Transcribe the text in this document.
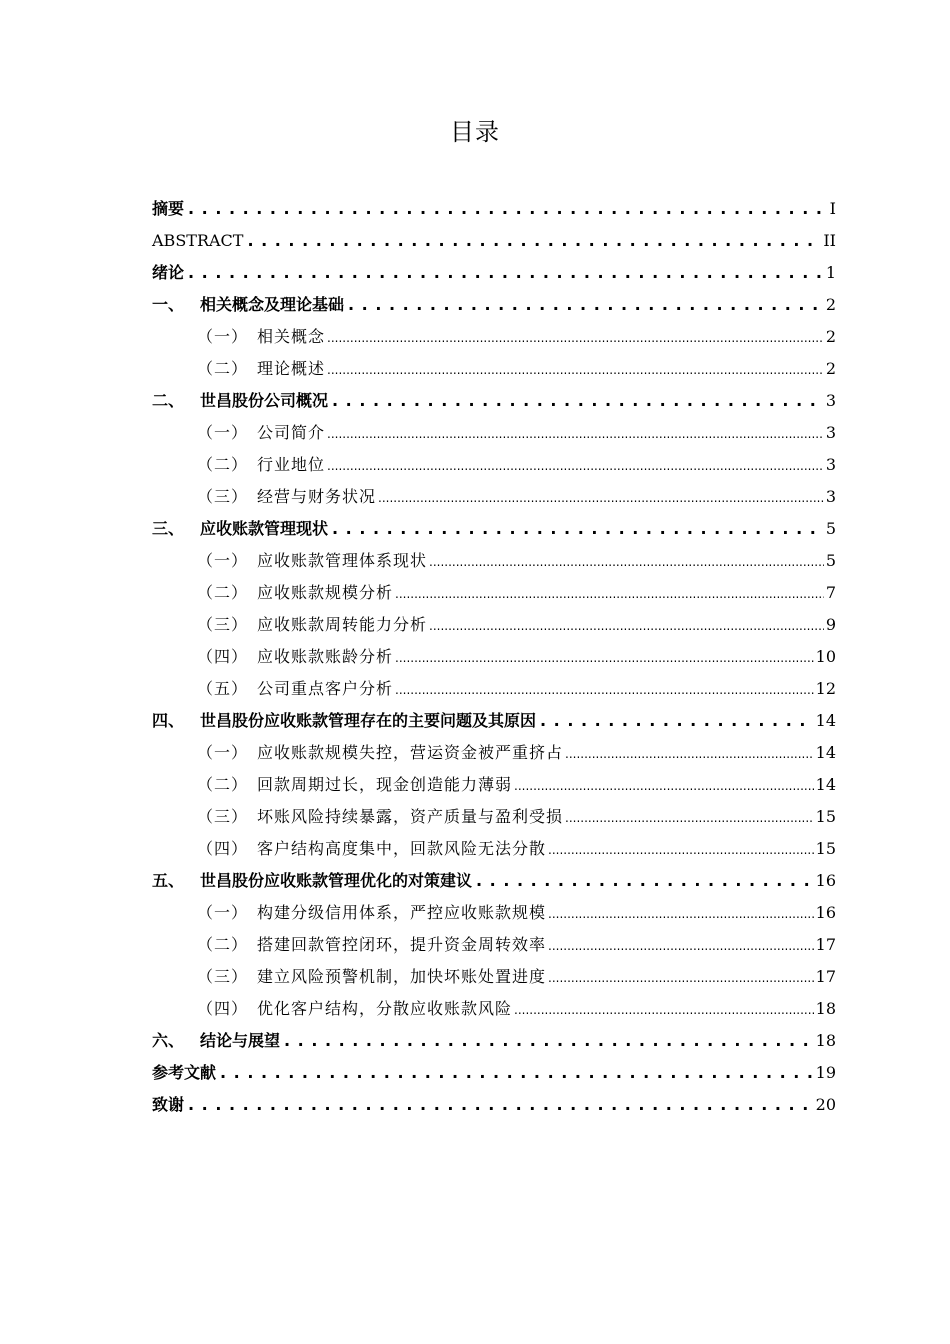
目录
摘要 . . .	I
ABSTRACT . . .	II
绪论 . . .	1
一、 相关概念及理论基础 . . .	2
（一） 相关概念 .....	2
（二） 理论概述 .....	2
二、 世昌股份公司概况 . . .	3
（一） 公司简介 .....	3
（二） 行业地位 .....	3
（三） 经营与财务状况 .....	3
三、 应收账款管理现状 . . .	5
（一） 应收账款管理体系现状 .....	5
（二） 应收账款规模分析 .....	7
（三） 应收账款周转能力分析 .....	9
（四） 应收账款账龄分析 .....	10
（五） 公司重点客户分析 .....	12
四、 世昌股份应收账款管理存在的主要问题及其原因 . . .	14
（一） 应收账款规模失控，营运资金被严重挤占 .....	14
（二） 回款周期过长，现金创造能力薄弱 .....	14
（三） 坏账风险持续暴露，资产质量与盈利受损 .....	15
（四） 客户结构高度集中，回款风险无法分散 .....	15
五、 世昌股份应收账款管理优化的对策建议 . . .	16
（一） 构建分级信用体系，严控应收账款规模 .....	16
（二） 搭建回款管控闭环，提升资金周转效率 .....	17
（三） 建立风险预警机制，加快坏账处置进度 .....	17
（四） 优化客户结构，分散应收账款风险 .....	18
六、 结论与展望 . . .	18
参考文献 . . .	19
致谢 . . .	20
